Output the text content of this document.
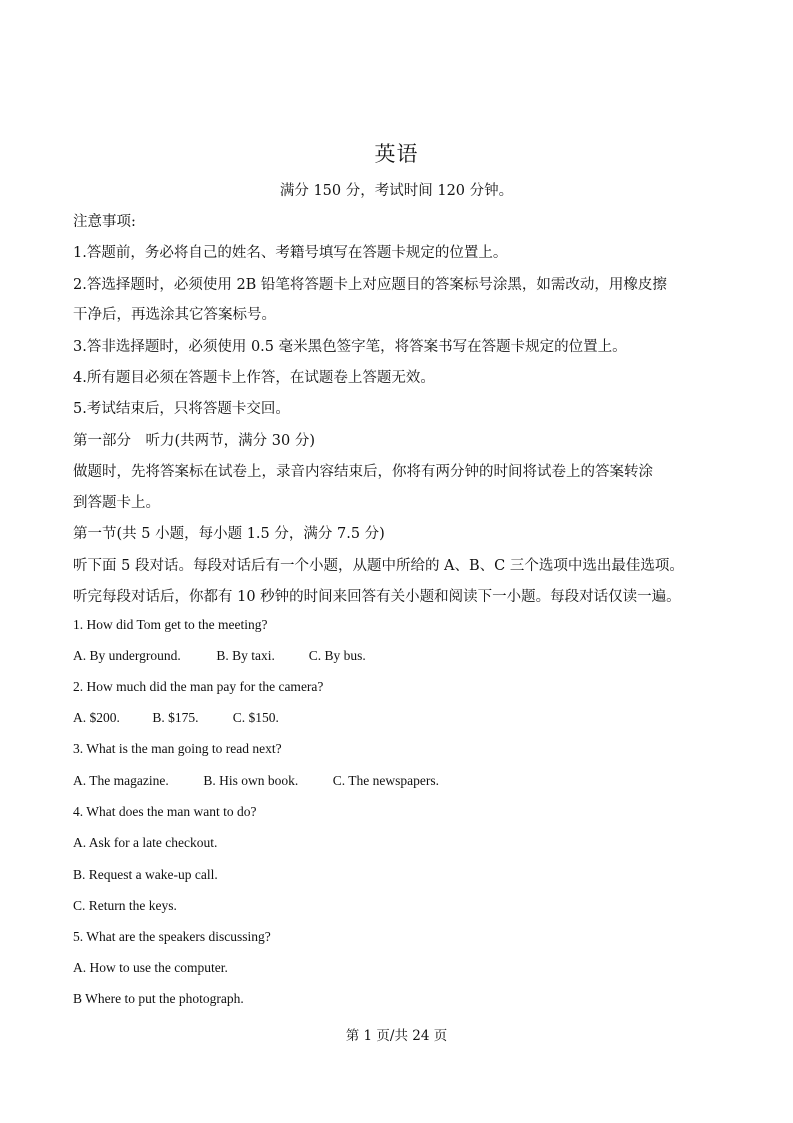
英语
满分 150 分，考试时间 120 分钟。
注意事项:
1.答题前，务必将自己的姓名、考籍号填写在答题卡规定的位置上。
2.答选择题时，必须使用 2B 铅笔将答题卡上对应题目的答案标号涂黑，如需改动，用橡皮擦
干净后，再选涂其它答案标号。
3.答非选择题时，必须使用 0.5 毫米黑色签字笔，将答案书写在答题卡规定的位置上。
4.所有题目必须在答题卡上作答，在试题卷上答题无效。
5.考试结束后，只将答题卡交回。
第一部分　听力(共两节，满分 30 分)
做题时，先将答案标在试卷上，录音内容结束后，你将有两分钟的时间将试卷上的答案转涂
到答题卡上。
第一节(共 5 小题，每小题 1.5 分，满分 7.5 分)
听下面 5 段对话。每段对话后有一个小题，从题中所给的 A、B、C 三个选项中选出最佳选项。
听完每段对话后，你都有 10 秒钟的时间来回答有关小题和阅读下一小题。每段对话仅读一遍。
1. How did Tom get to the meeting?
A. By underground.	B. By taxi.	C. By bus.
2. How much did the man pay for the camera?
A. $200. B. $175.	C. $150.
3. What is the man going to read next?
A. The magazine.	B. His own book.	C. The newspapers.
4. What does the man want to do?
A. Ask for a late checkout.
B. Request a wake-up call.
C. Return the keys.
5. What are the speakers discussing?
A. How to use the computer.
B Where to put the photograph.
第 1 页/共 24 页
